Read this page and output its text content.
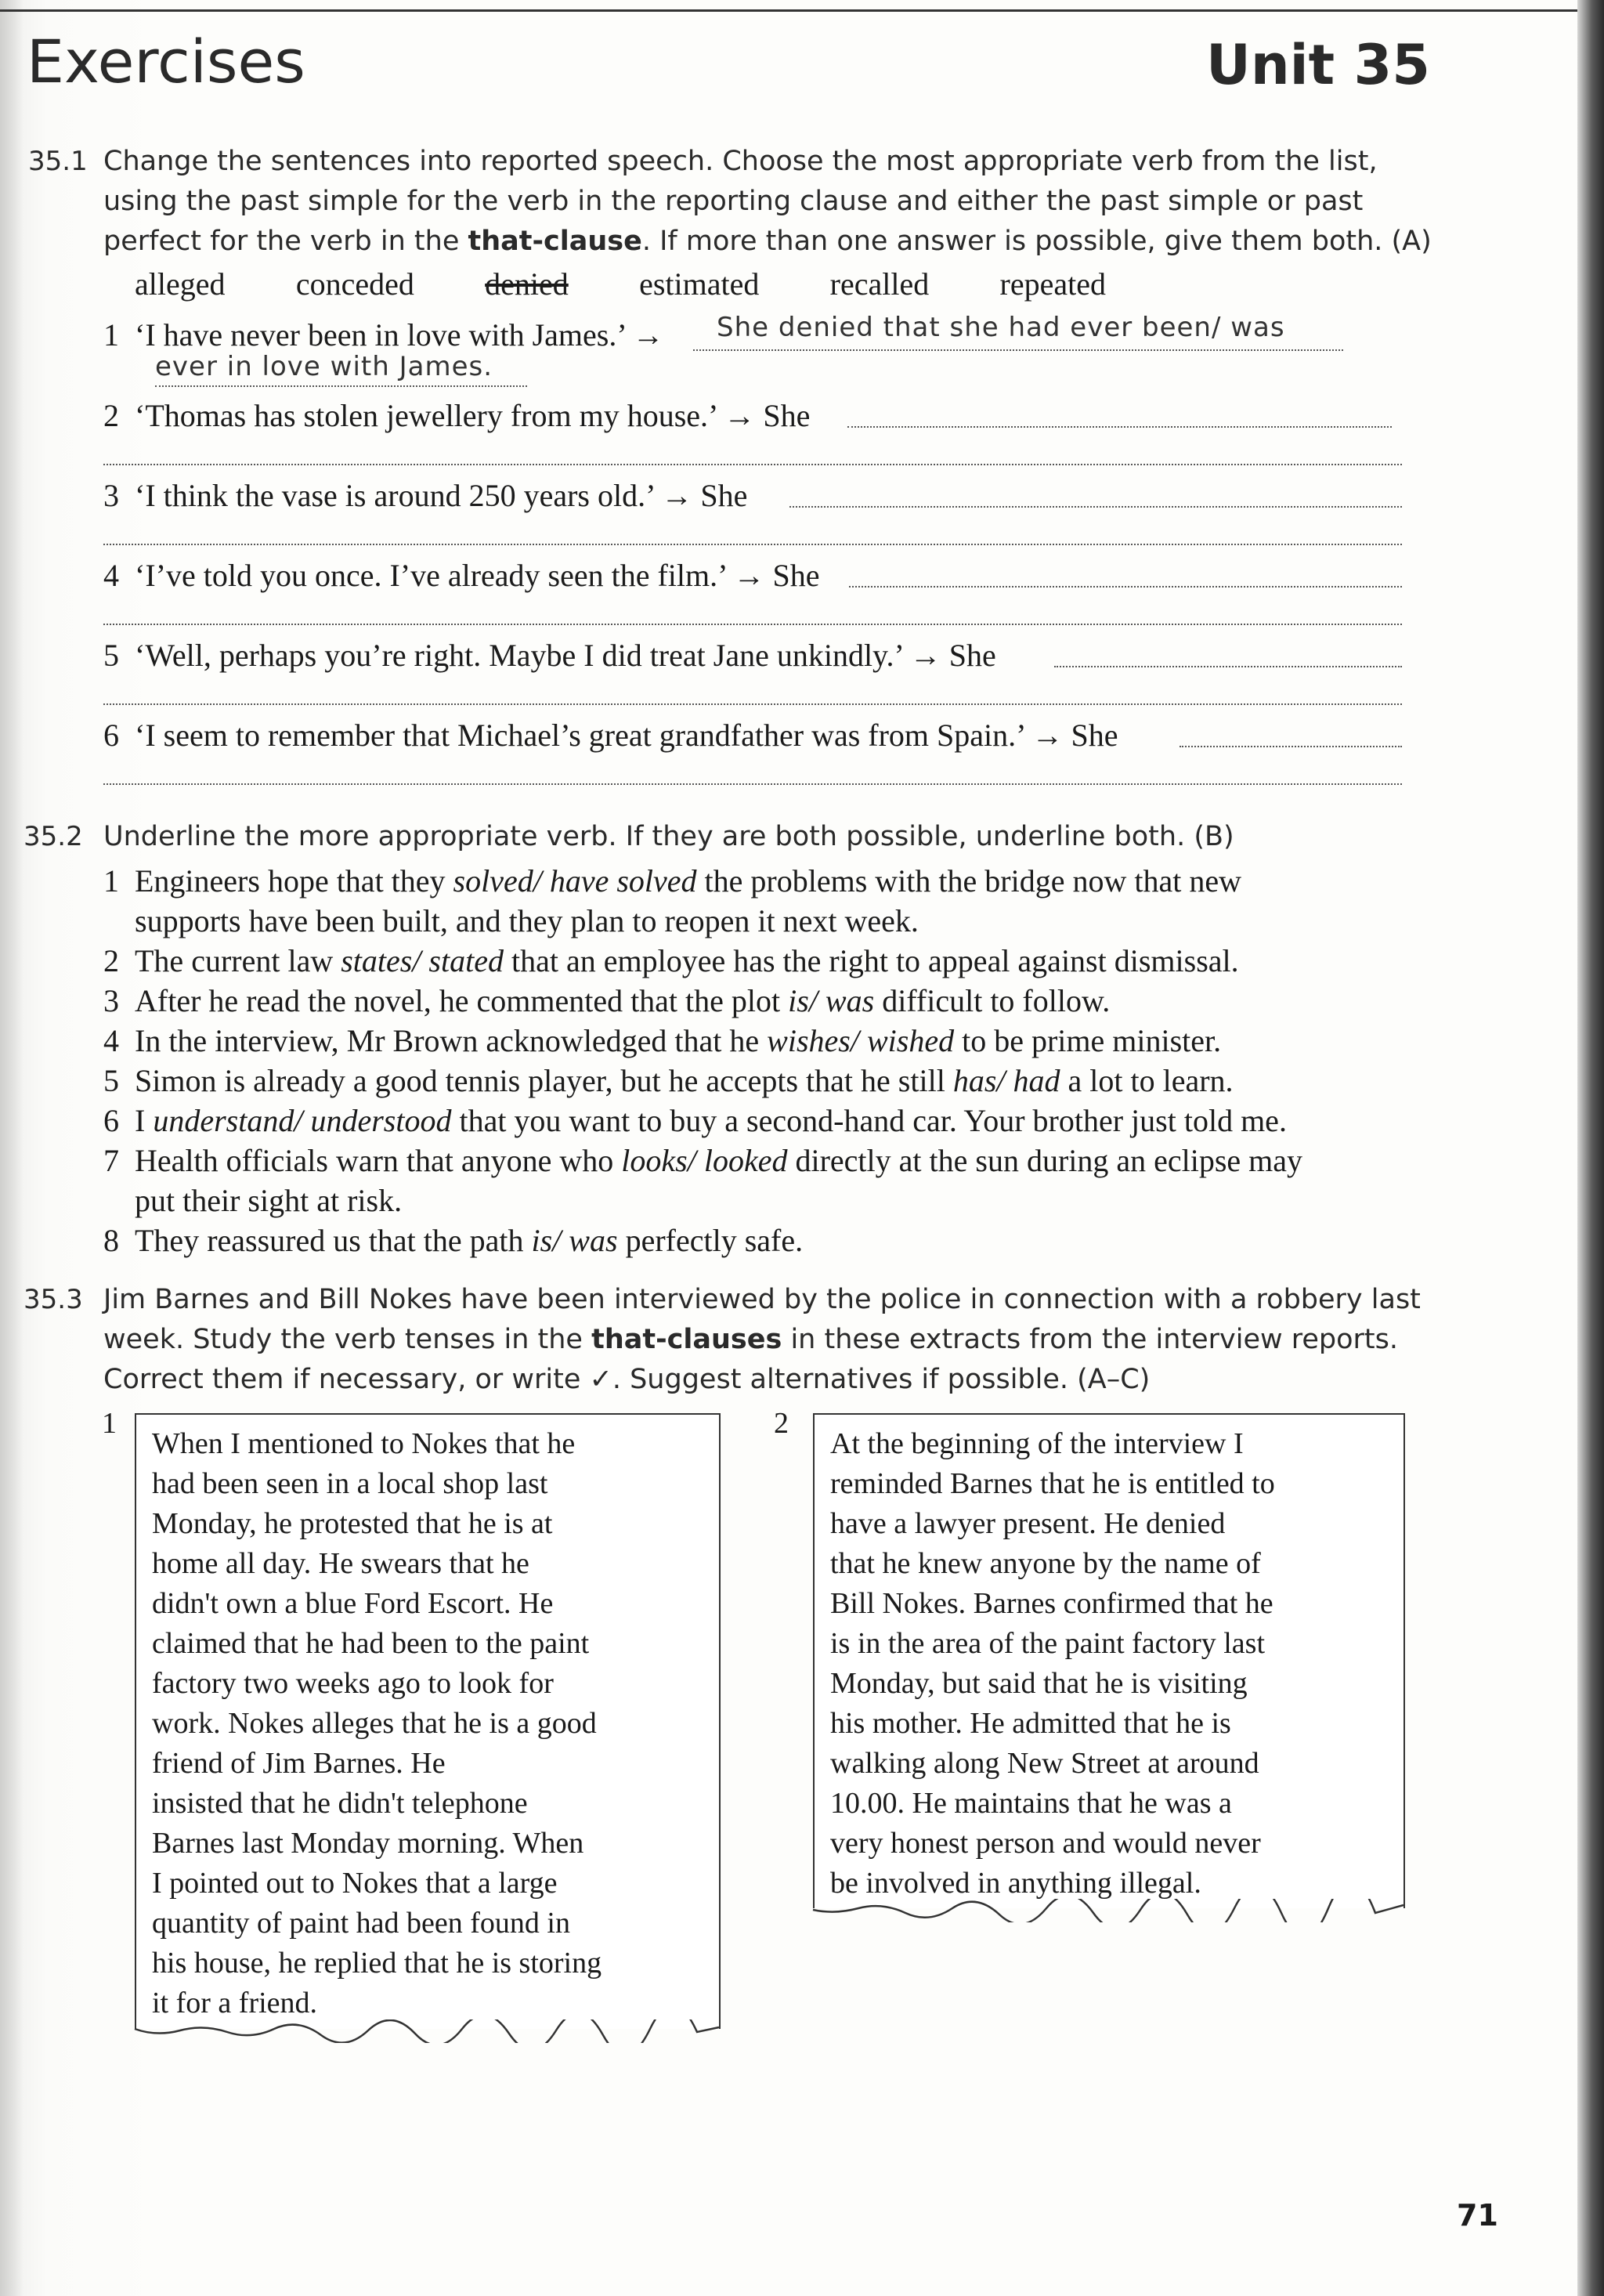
Exercises	Unit 35
35.1 Change the sentences into reported speech. Choose the most appropriate verb from the list,
using the past simple for the verb in the reporting clause and either the past simple or past
perfect for the verb in the that-clause. If more than one answer is possible, give them both. (A)
alleged conceded denied estimated recalled repeated
1 ‘I have never been in love with James.’ → She denied that she had ever been/ was
ever in love with James.
2 ‘Thomas has stolen jewellery from my house.’ → She
3 ‘I think the vase is around 250 years old.’ → She
4 ‘I’ve told you once. I’ve already seen the film.’ → She
5 ‘Well, perhaps you’re right. Maybe I did treat Jane unkindly.’ → She
6 ‘I seem to remember that Michael’s great grandfather was from Spain.’ → She
35.2 Underline the more appropriate verb. If they are both possible, underline both. (B)
1 Engineers hope that they solved/ have solved the problems with the bridge now that new
supports have been built, and they plan to reopen it next week.
2 The current law states/ stated that an employee has the right to appeal against dismissal.
3 After he read the novel, he commented that the plot is/ was difficult to follow.
4 In the interview, Mr Brown acknowledged that he wishes/ wished to be prime minister.
5 Simon is already a good tennis player, but he accepts that he still has/ had a lot to learn.
6 I understand/ understood that you want to buy a second-hand car. Your brother just told me.
7 Health officials warn that anyone who looks/ looked directly at the sun during an eclipse may
put their sight at risk.
8 They reassured us that the path is/ was perfectly safe.
35.3 Jim Barnes and Bill Nokes have been interviewed by the police in connection with a robbery last
week. Study the verb tenses in the that-clauses in these extracts from the interview reports.
Correct them if necessary, or write ✓. Suggest alternatives if possible. (A–C)
1
When I mentioned to Nokes that he
had been seen in a local shop last
Monday, he protested that he is at
home all day. He swears that he
didn't own a blue Ford Escort. He
claimed that he had been to the paint
factory two weeks ago to look for
work. Nokes alleges that he is a good
friend of Jim Barnes. He
insisted that he didn't telephone
Barnes last Monday morning. When
I pointed out to Nokes that a large
quantity of paint had been found in
his house, he replied that he is storing
it for a friend.
2
At the beginning of the interview I
reminded Barnes that he is entitled to
have a lawyer present. He denied
that he knew anyone by the name of
Bill Nokes. Barnes confirmed that he
is in the area of the paint factory last
Monday, but said that he is visiting
his mother. He admitted that he is
walking along New Street at around
10.00. He maintains that he was a
very honest person and would never
be involved in anything illegal.
71
